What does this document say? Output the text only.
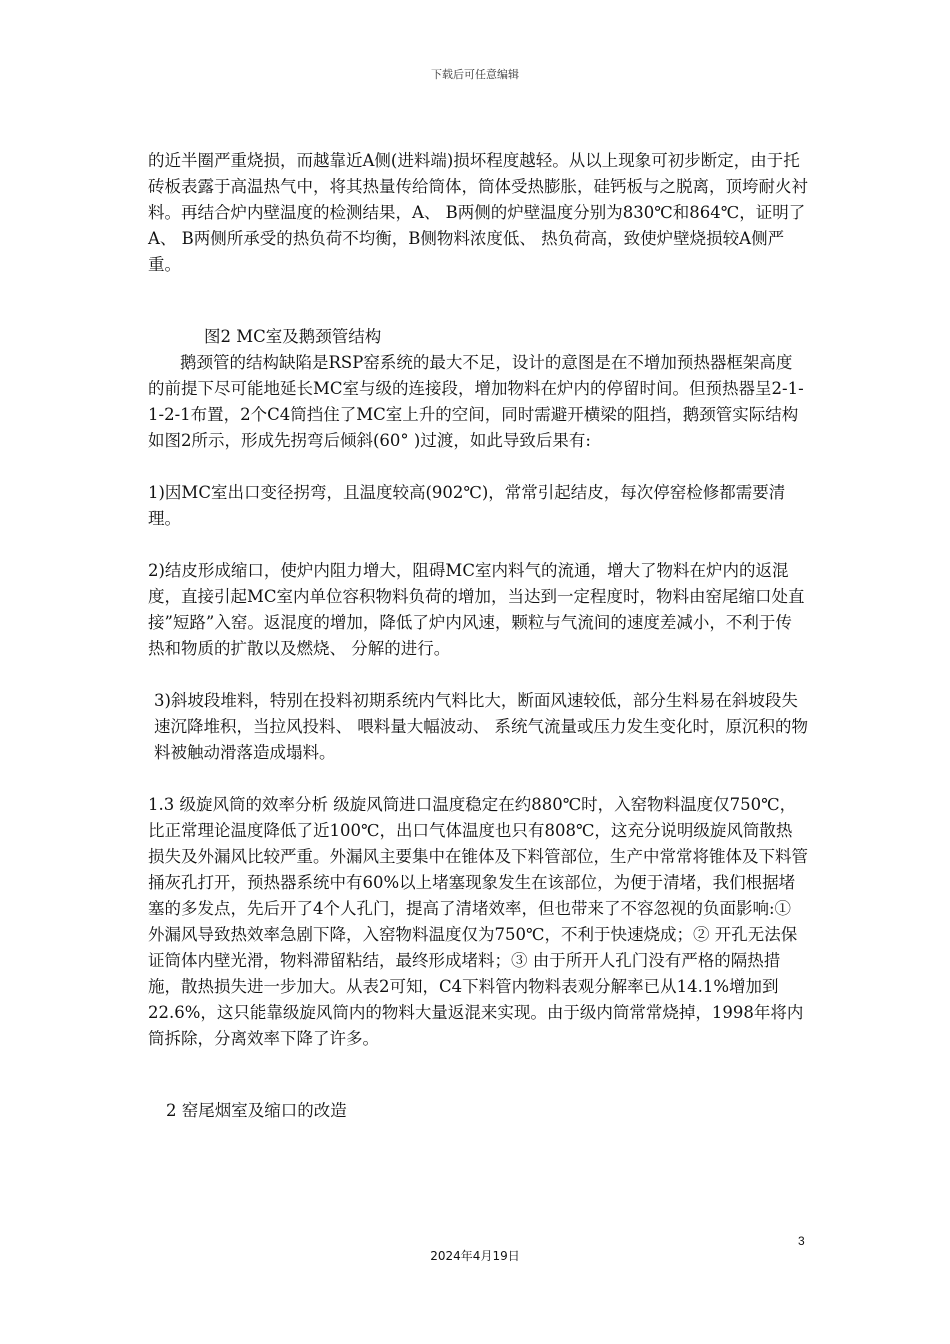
下载后可任意编辑

的近半圈严重烧损，而越靠近A侧(进料端)损坏程度越轻。从以上现象可初步断定，由于托砖板表露于高温热气中，将其热量传给筒体，筒体受热膨胀，硅钙板与之脱离，顶垮耐火衬料。再结合炉内壁温度的检测结果，A、 B两侧的炉壁温度分别为830℃和864℃，证明了A、 B两侧所承受的热负荷不均衡，B侧物料浓度低、 热负荷高，致使炉壁烧损较A侧严重。

图2 MC室及鹅颈管结构

鹅颈管的结构缺陷是RSP窑系统的最大不足，设计的意图是在不增加预热器框架高度的前提下尽可能地延长MC室与级的连接段，增加物料在炉内的停留时间。但预热器呈2-1-1-2-1布置，2个C4筒挡住了MC室上升的空间，同时需避开横梁的阻挡，鹅颈管实际结构如图2所示，形成先拐弯后倾斜(60° )过渡，如此导致后果有:

1)因MC室出口变径拐弯，且温度较高(902℃)，常常引起结皮，每次停窑检修都需要清理。

2)结皮形成缩口，使炉内阻力增大，阻碍MC室内料气的流通，增大了物料在炉内的返混度，直接引起MC室内单位容积物料负荷的增加，当达到一定程度时，物料由窑尾缩口处直接”短路”入窑。返混度的增加，降低了炉内风速，颗粒与气流间的速度差减小，不利于传热和物质的扩散以及燃烧、 分解的进行。

3)斜坡段堆料，特别在投料初期系统内气料比大，断面风速较低，部分生料易在斜坡段失速沉降堆积，当拉风投料、 喂料量大幅波动、 系统气流量或压力发生变化时，原沉积的物料被触动滑落造成塌料。

1.3 级旋风筒的效率分析 级旋风筒进口温度稳定在约880℃时，入窑物料温度仅750℃，比正常理论温度降低了近100℃，出口气体温度也只有808℃，这充分说明级旋风筒散热损失及外漏风比较严重。外漏风主要集中在锥体及下料管部位，生产中常常将锥体及下料管捅灰孔打开，预热器系统中有60%以上堵塞现象发生在该部位，为便于清堵，我们根据堵塞的多发点，先后开了4个人孔门，提高了清堵效率，但也带来了不容忽视的负面影响:① 外漏风导致热效率急剧下降，入窑物料温度仅为750℃，不利于快速烧成；② 开孔无法保证筒体内壁光滑，物料滞留粘结，最终形成堵料；③ 由于所开人孔门没有严格的隔热措施，散热损失进一步加大。从表2可知，C4下料管内物料表观分解率已从14.1%增加到22.6%，这只能靠级旋风筒内的物料大量返混来实现。由于级内筒常常烧掉，1998年将内筒拆除，分离效率下降了许多。

2 窑尾烟室及缩口的改造

3
2024年4月19日
